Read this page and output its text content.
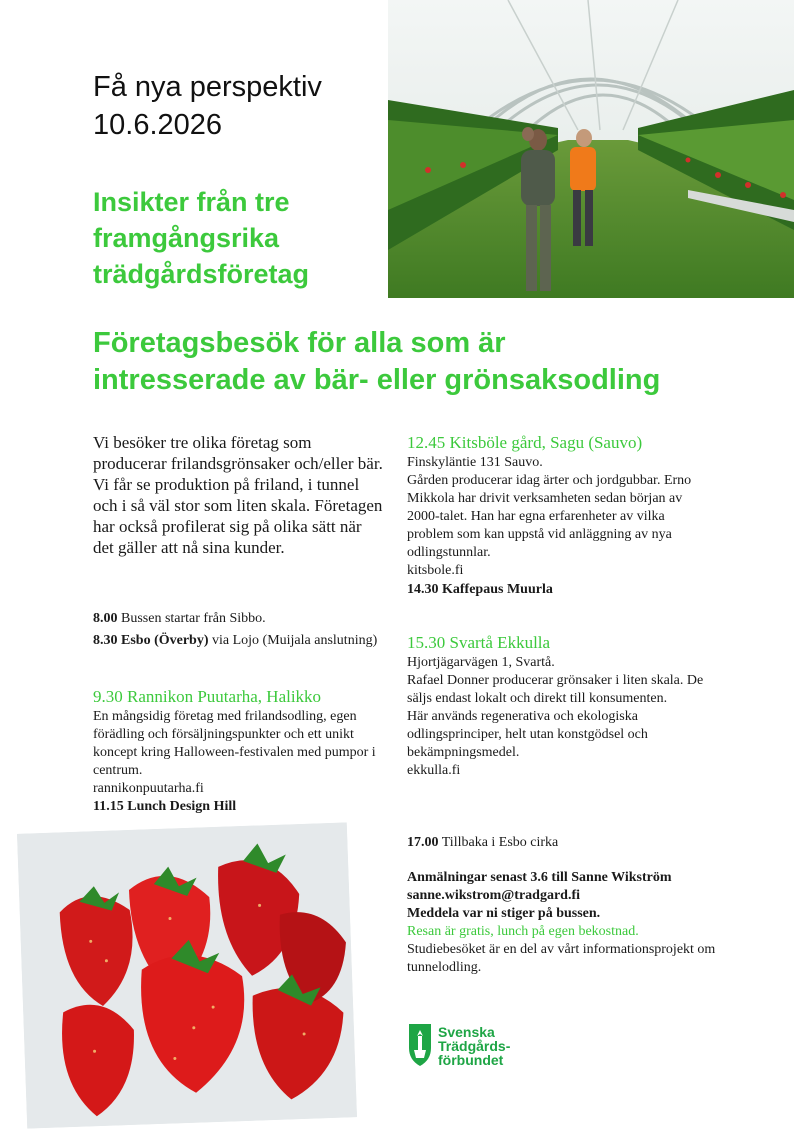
Få nya perspektiv
10.6.2026
Insikter från tre
framgångsrika
trädgårdsföretag
Företagsbesök för alla som är
intresserade av bär- eller grönsaksodling
Vi besöker tre olika företag som producerar frilandsgrönsaker och/eller bär. Vi får se produktion på friland, i tunnel och i så väl stor som liten skala. Företagen har också profilerat sig på olika sätt när det gäller att nå sina kunder.

8.00 Bussen startar från Sibbo.

8.30 Esbo (Överby) via Lojo (Muijala anslutning)

9.30 Rannikon Puutarha, Halikko
En mångsidig företag med frilandsodling, egen förädling och försäljningspunkter och ett unikt koncept kring Halloween-festivalen med pumpor i centrum.
rannikonpuutarha.fi
11.15 Lunch Design Hill
12.45 Kitsböle gård, Sagu (Sauvo)
Finskyläntie 131 Sauvo.
Gården producerar idag ärter och jordgubbar. Erno Mikkola har drivit verksamheten sedan början av 2000-talet. Han har egna erfarenheter av vilka problem som kan uppstå vid anläggning av nya odlingstunnlar.
kitsbole.fi
14.30 Kaffepaus Muurla
15.30 Svartå Ekkulla
Hjortjägarvägen 1, Svartå.
Rafael Donner producerar grönsaker i liten skala. De säljs endast lokalt och direkt till konsumenten.
Här används regenerativa och ekologiska odlingsprinciper, helt utan konstgödsel och bekämpningsmedel.
ekkulla.fi

17.00 Tillbaka i Esbo cirka

Anmälningar senast 3.6 till Sanne Wikström

sanne.wikstrom@tradgard.fi

Meddela var ni stiger på bussen.

Resan är gratis, lunch på egen bekostnad.

Studiebesöket är en del av vårt informationsprojekt om tunnelodling.

Svenska
Trädgårds-
förbundet
